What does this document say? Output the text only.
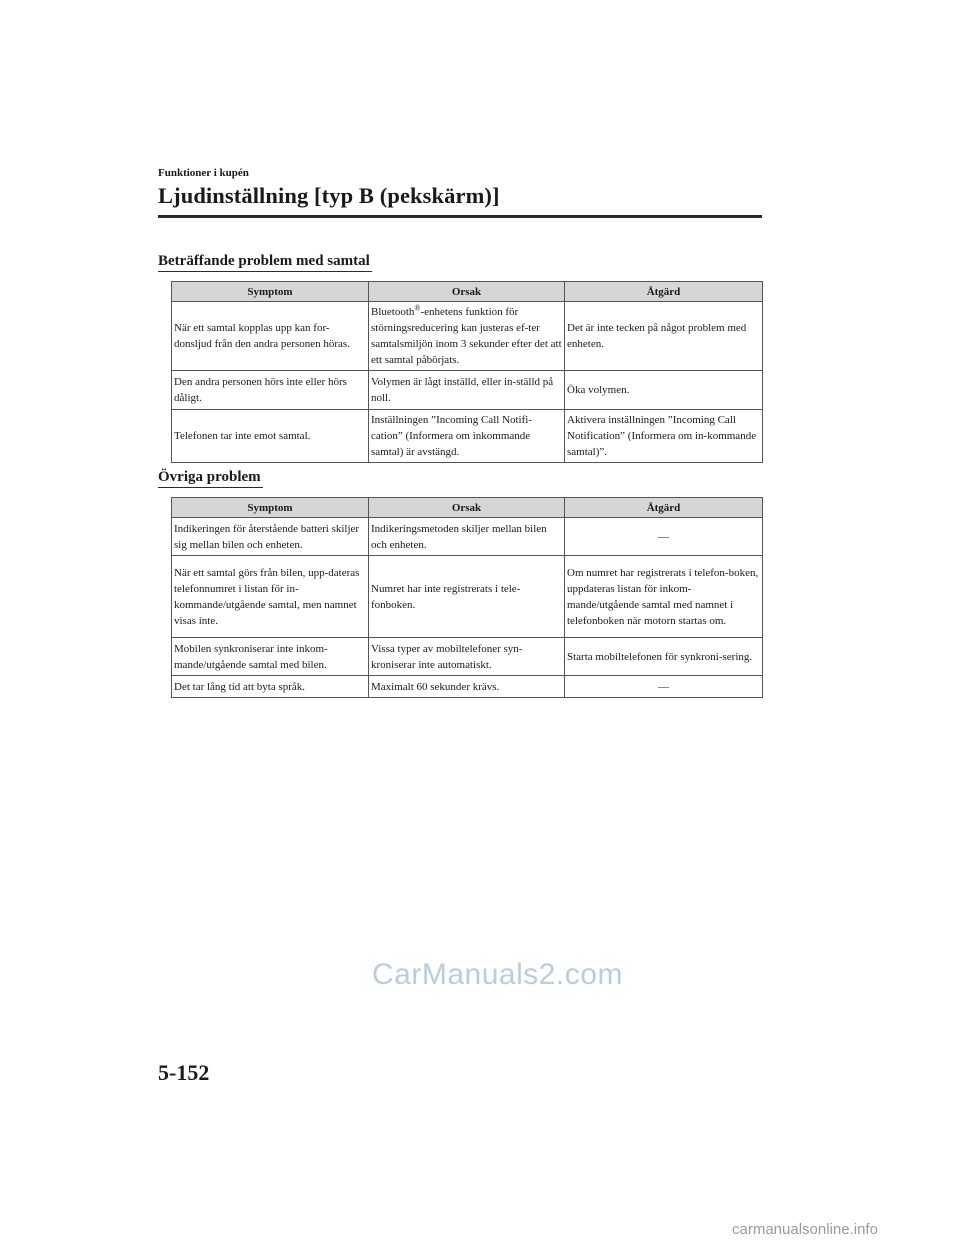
Funktioner i kupén
Ljudinställning [typ B (pekskärm)]
Beträffande problem med samtal
Symptom	Orsak	Åtgärd
När ett samtal kopplas upp kan for-donsljud från den andra personen höras.	Bluetooth®-enhetens funktion för störningsreducering kan justeras ef-ter samtalsmiljön inom 3 sekunder efter det att ett samtal påbörjats.	Det är inte tecken på något problem med enheten.
Den andra personen hörs inte eller hörs dåligt.	Volymen är lågt inställd, eller in-ställd på noll.	Öka volymen.
Telefonen tar inte emot samtal.	Inställningen ”Incoming Call Notifi-cation” (Informera om inkommande samtal) är avstängd.	Aktivera inställningen ”Incoming Call Notification” (Informera om in-kommande samtal)”.
Övriga problem
Symptom	Orsak	Åtgärd
Indikeringen för återstående batteri skiljer sig mellan bilen och enheten.	Indikeringsmetoden skiljer mellan bilen och enheten.	—
När ett samtal görs från bilen, upp-dateras telefonnumret i listan för in-kommande/utgående samtal, men namnet visas inte.	Numret har inte registrerats i tele-fonboken.	Om numret har registrerats i telefon-boken, uppdateras listan för inkom-mande/utgående samtal med namnet i telefonboken när motorn startas om.
Mobilen synkroniserar inte inkom-mande/utgående samtal med bilen.	Vissa typer av mobiltelefoner syn-kroniserar inte automatiskt.	Starta mobiltelefonen för synkroni-sering.
Det tar lång tid att byta språk.	Maximalt 60 sekunder krävs.	—
CarManuals2.com
5-152
carmanualsonline.info
